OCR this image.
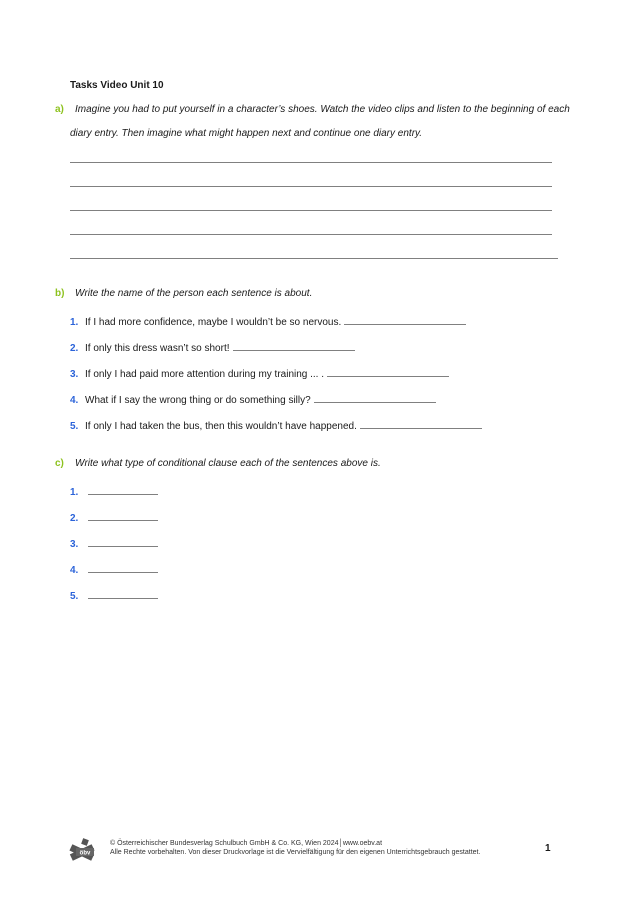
Tasks Video Unit 10
a) Imagine you had to put yourself in a character’s shoes. Watch the video clips and listen to the beginning of each
diary entry. Then imagine what might happen next and continue one diary entry.
b) Write the name of the person each sentence is about.
1. If I had more confidence, maybe I wouldn’t be so nervous.
2. If only this dress wasn’t so short!
3. If only I had paid more attention during my training ... .
4. What if I say the wrong thing or do something silly?
5. If only I had taken the bus, then this wouldn’t have happened.
c) Write what type of conditional clause each of the sentences above is.
1.
2.
3.
4.
5.
öbv
© Österreichischer Bundesverlag Schulbuch GmbH & Co. KG, Wien 2024│www.oebv.at
Alle Rechte vorbehalten. Von dieser Druckvorlage ist die Vervielfältigung für den eigenen Unterrichtsgebrauch gestattet.	1
